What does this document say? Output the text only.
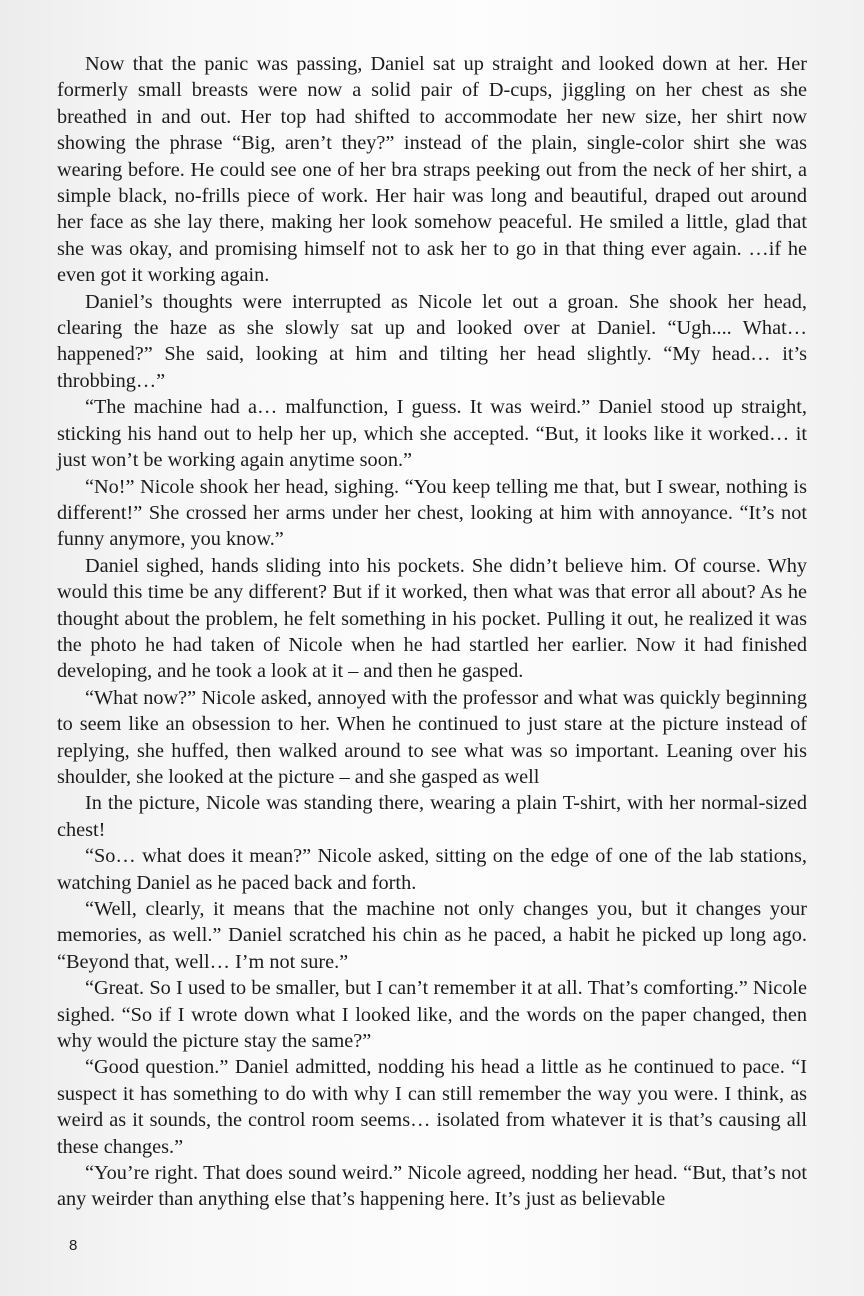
Now that the panic was passing, Daniel sat up straight and looked down at her. Her formerly small breasts were now a solid pair of D-cups, jiggling on her chest as she breathed in and out. Her top had shifted to accommodate her new size, her shirt now showing the phrase “Big, aren’t they?” instead of the plain, single-color shirt she was wearing before. He could see one of her bra straps peeking out from the neck of her shirt, a simple black, no-frills piece of work. Her hair was long and beautiful, draped out around her face as she lay there, making her look somehow peaceful. He smiled a little, glad that she was okay, and promising himself not to ask her to go in that thing ever again. …if he even got it working again.

Daniel’s thoughts were interrupted as Nicole let out a groan. She shook her head, clearing the haze as she slowly sat up and looked over at Daniel. “Ugh.... What… happened?” She said, looking at him and tilting her head slightly. “My head… it’s throbbing…”

“The machine had a… malfunction, I guess. It was weird.” Daniel stood up straight, sticking his hand out to help her up, which she accepted. “But, it looks like it worked… it just won’t be working again anytime soon.”

“No!” Nicole shook her head, sighing. “You keep telling me that, but I swear, nothing is different!” She crossed her arms under her chest, looking at him with annoyance. “It’s not funny anymore, you know.”

Daniel sighed, hands sliding into his pockets. She didn’t believe him. Of course. Why would this time be any different? But if it worked, then what was that error all about? As he thought about the problem, he felt something in his pocket. Pulling it out, he realized it was the photo he had taken of Nicole when he had startled her earlier. Now it had finished developing, and he took a look at it – and then he gasped.

“What now?” Nicole asked, annoyed with the professor and what was quickly beginning to seem like an obsession to her. When he continued to just stare at the picture instead of replying, she huffed, then walked around to see what was so important. Leaning over his shoulder, she looked at the picture – and she gasped as well

In the picture, Nicole was standing there, wearing a plain T-shirt, with her normal-sized chest!

“So… what does it mean?” Nicole asked, sitting on the edge of one of the lab stations, watching Daniel as he paced back and forth.

“Well, clearly, it means that the machine not only changes you, but it changes your memories, as well.” Daniel scratched his chin as he paced, a habit he picked up long ago. “Beyond that, well… I’m not sure.”

“Great. So I used to be smaller, but I can’t remember it at all. That’s comforting.” Nicole sighed. “So if I wrote down what I looked like, and the words on the paper changed, then why would the picture stay the same?”

“Good question.” Daniel admitted, nodding his head a little as he continued to pace. “I suspect it has something to do with why I can still remember the way you were. I think, as weird as it sounds, the control room seems… isolated from whatever it is that’s causing all these changes.”

“You’re right. That does sound weird.” Nicole agreed, nodding her head. “But, that’s not any weirder than anything else that’s happening here. It’s just as believable

8
